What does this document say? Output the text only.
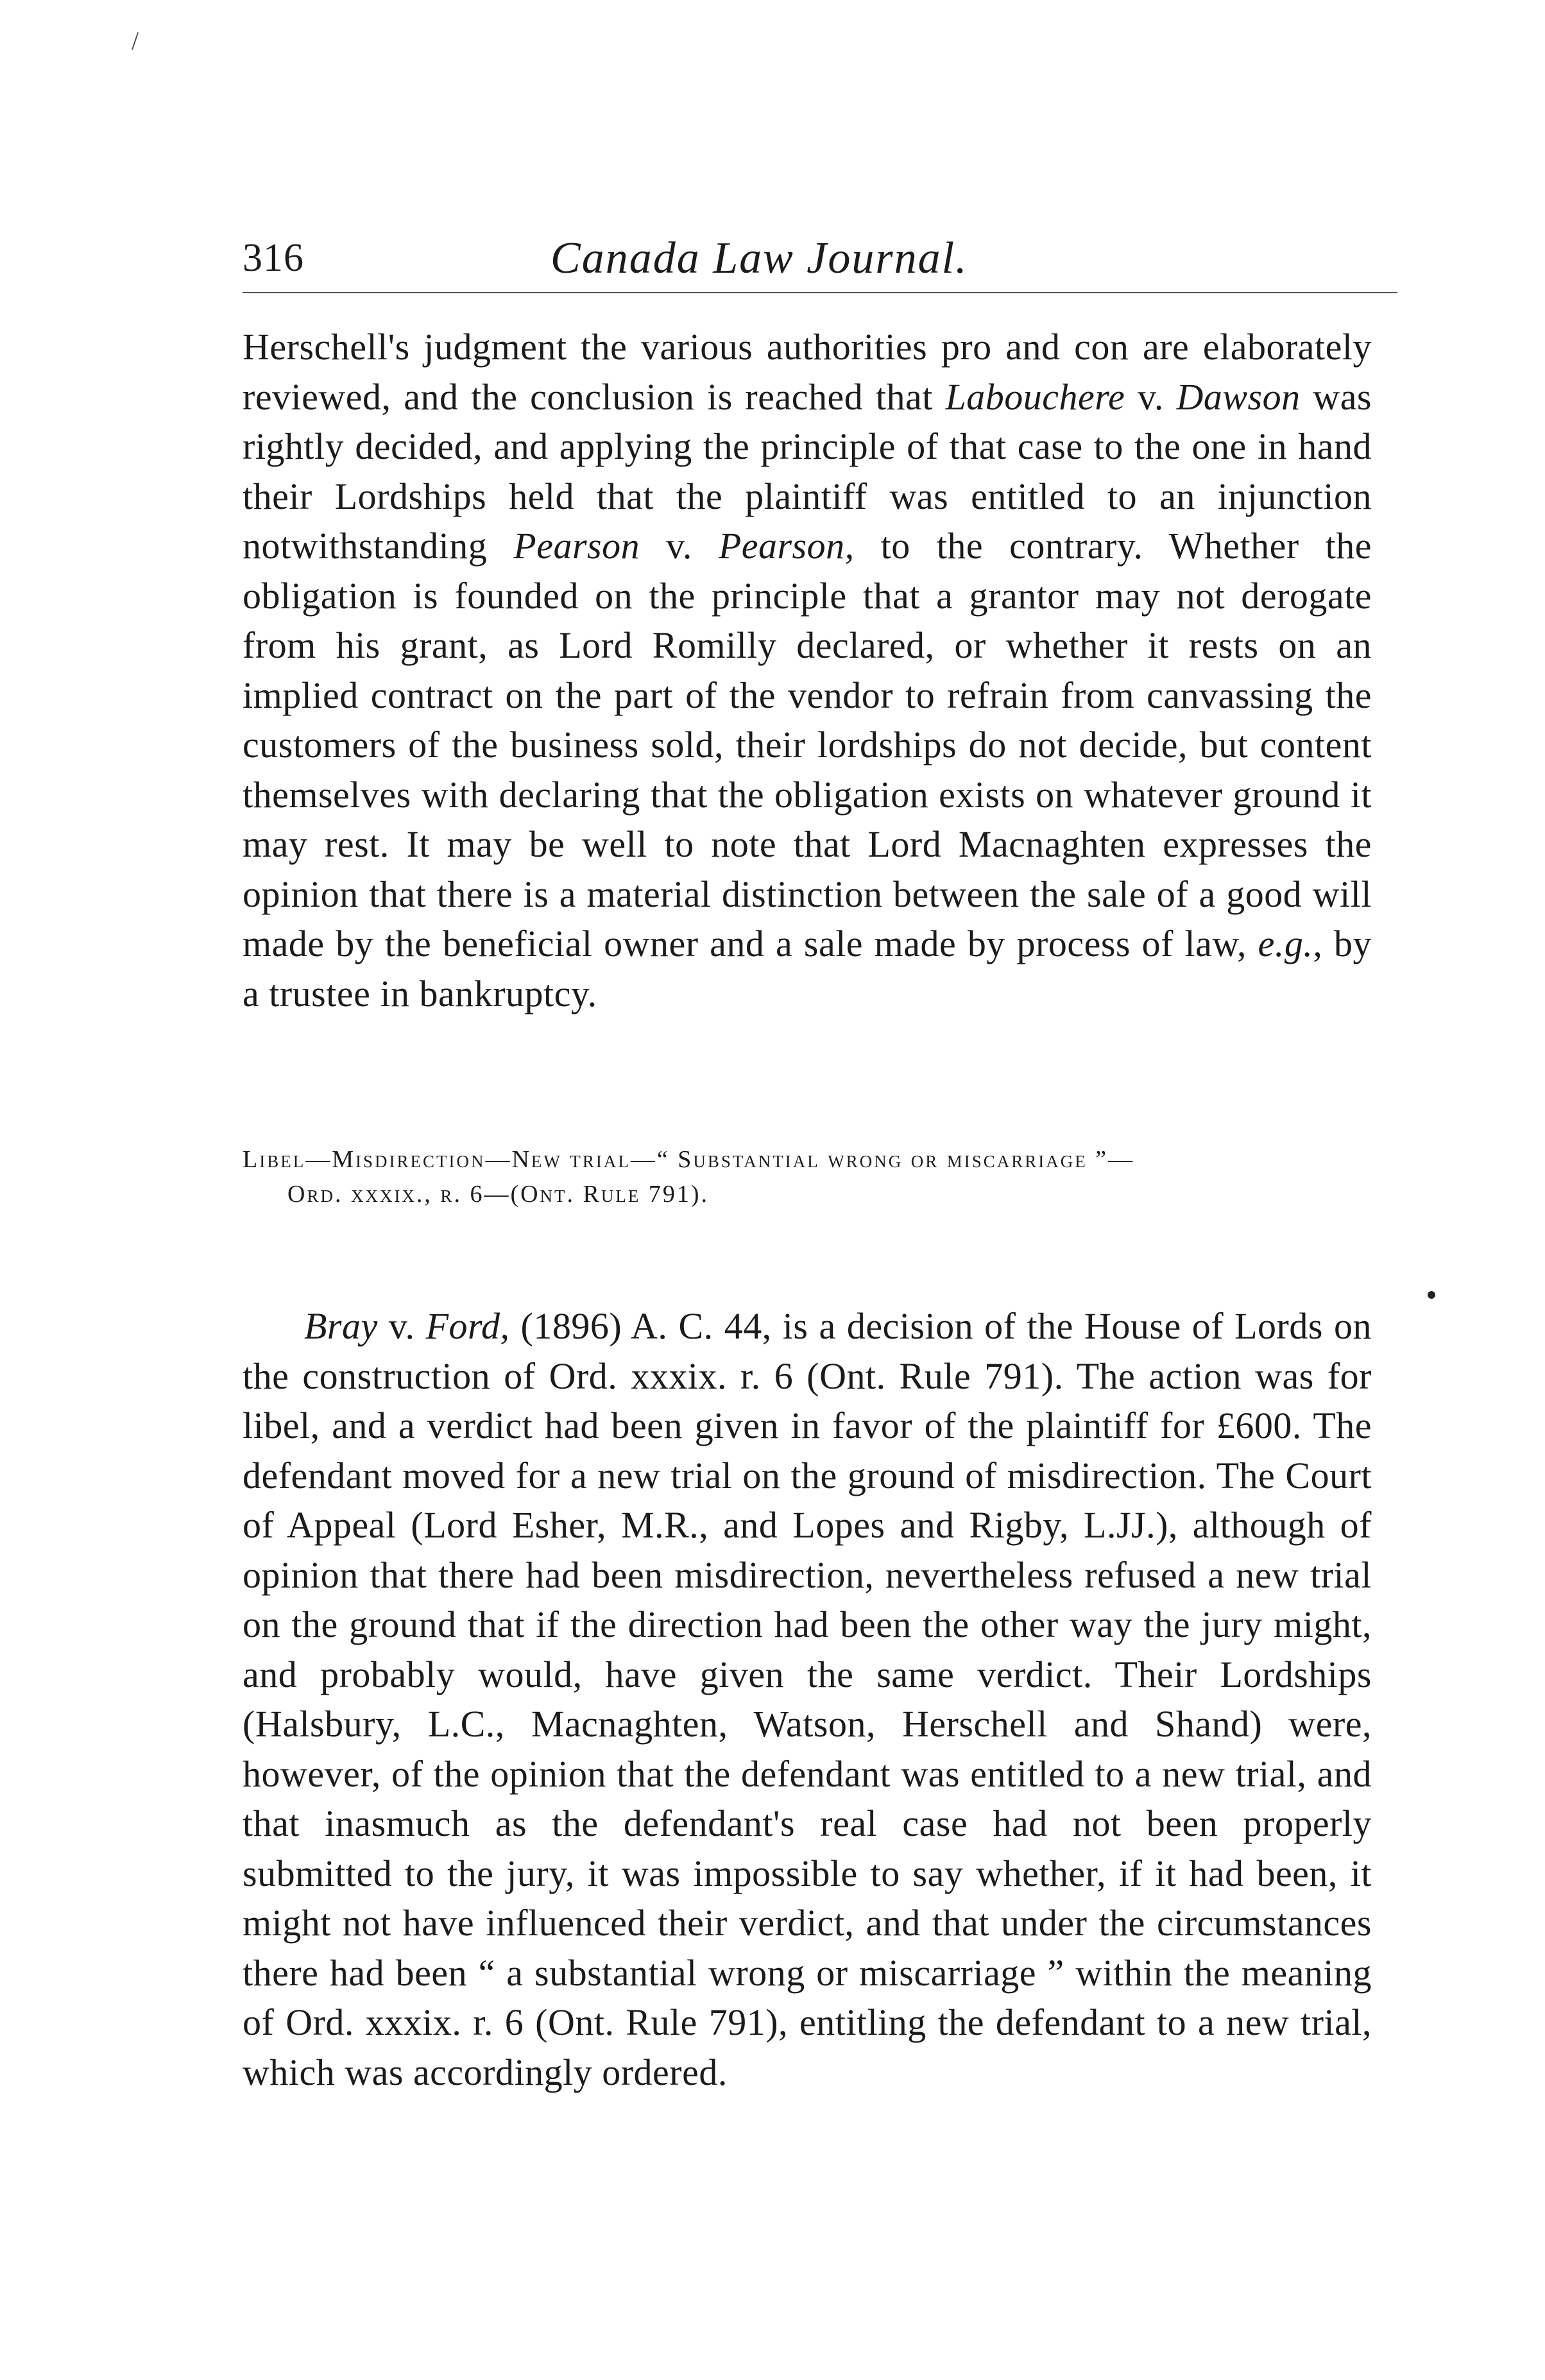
/
316	Canada Law Journal.

Herschell's judgment the various authorities pro and con are elaborately reviewed, and the conclusion is reached that Labouchere v. Dawson was rightly decided, and applying the principle of that case to the one in hand their Lordships held that the plaintiff was entitled to an injunction notwithstanding Pearson v. Pearson, to the contrary. Whether the obligation is founded on the principle that a grantor may not derogate from his grant, as Lord Romilly declared, or whether it rests on an implied contract on the part of the vendor to refrain from canvassing the customers of the business sold, their lordships do not decide, but content themselves with declaring that the obligation exists on whatever ground it may rest. It may be well to note that Lord Macnaghten expresses the opinion that there is a material distinction between the sale of a good will made by the beneficial owner and a sale made by process of law, e.g., by a trustee in bankruptcy.

Libel—Misdirection—New trial—“ Substantial wrong or miscarriage ”—
Ord. xxxix., r. 6—(Ont. Rule 791).

Bray v. Ford, (1896) A. C. 44, is a decision of the House of Lords on the construction of Ord. xxxix. r. 6 (Ont. Rule 791). The action was for libel, and a verdict had been given in favor of the plaintiff for £600. The defendant moved for a new trial on the ground of misdirection. The Court of Appeal (Lord Esher, M.R., and Lopes and Rigby, L.JJ.), although of opinion that there had been misdirection, nevertheless refused a new trial on the ground that if the direction had been the other way the jury might, and probably would, have given the same verdict. Their Lordships (Halsbury, L.C., Macnaghten, Watson, Herschell and Shand) were, however, of the opinion that the defendant was entitled to a new trial, and that inasmuch as the defendant's real case had not been properly submitted to the jury, it was impossible to say whether, if it had been, it might not have influenced their verdict, and that under the circumstances there had been “ a substantial wrong or miscarriage ” within the meaning of Ord. xxxix. r. 6 (Ont. Rule 791), entitling the defendant to a new trial, which was accordingly ordered.
